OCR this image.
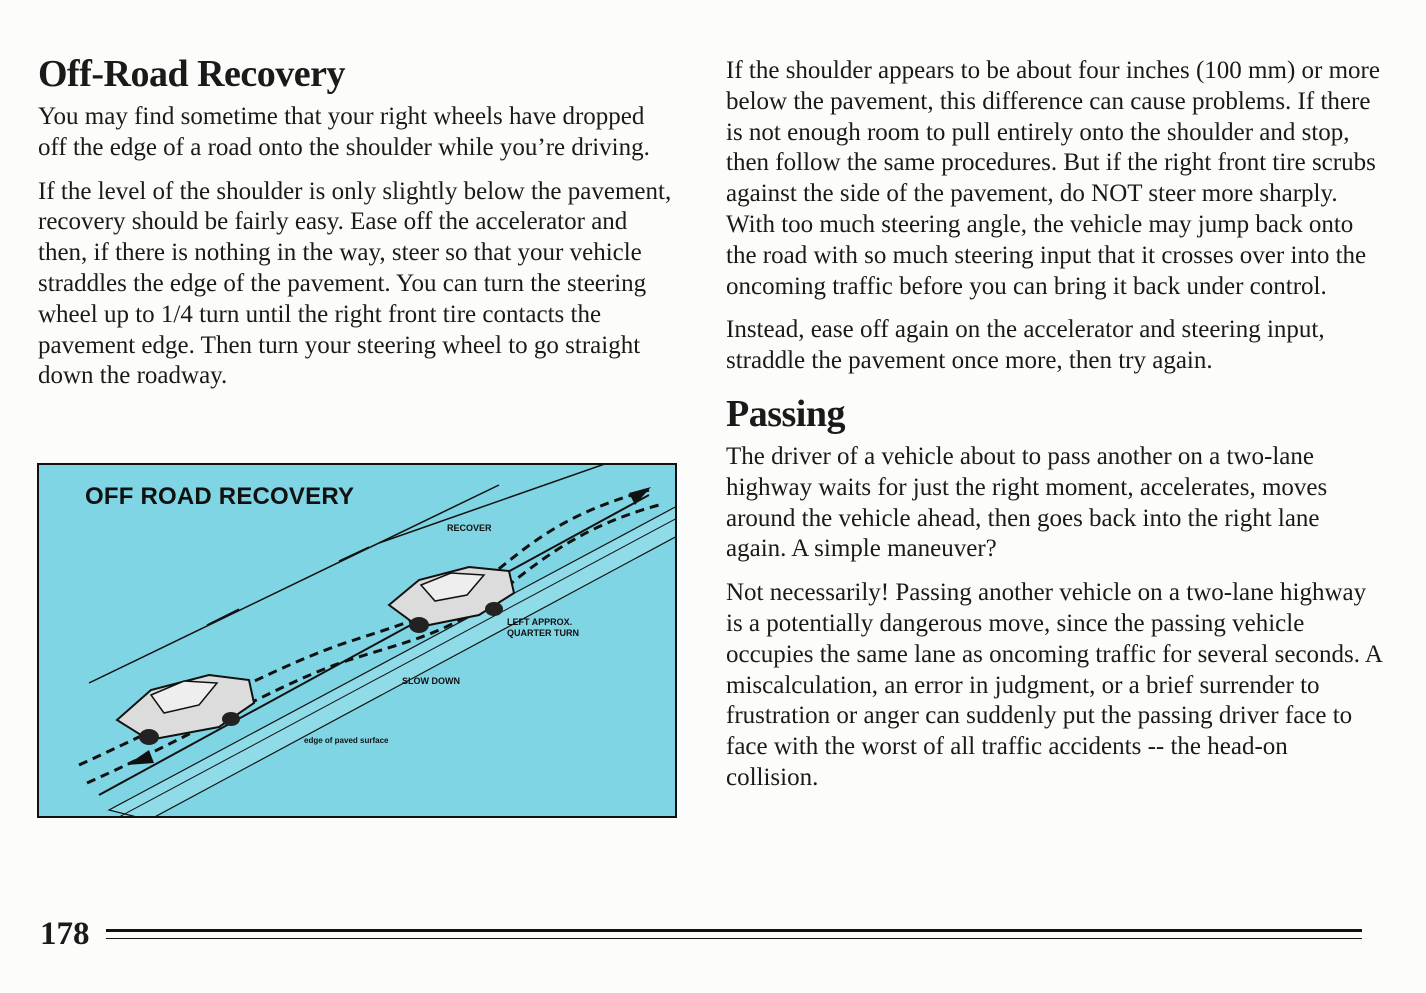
Off-Road Recovery

You may find sometime that your right wheels have dropped off the edge of a road onto the shoulder while you’re driving.

If the level of the shoulder is only slightly below the pavement, recovery should be fairly easy. Ease off the accelerator and then, if there is nothing in the way, steer so that your vehicle straddles the edge of the pavement. You can turn the steering wheel up to 1/4 turn until the right front tire contacts the pavement edge. Then turn your steering wheel to go straight down the roadway.

OFF ROAD RECOVERY
RECOVER
LEFT APPROX.
QUARTER TURN
SLOW DOWN
edge of paved surface

If the shoulder appears to be about four inches (100 mm) or more below the pavement, this difference can cause problems. If there is not enough room to pull entirely onto the shoulder and stop, then follow the same procedures. But if the right front tire scrubs against the side of the pavement, do NOT steer more sharply. With too much steering angle, the vehicle may jump back onto the road with so much steering input that it crosses over into the oncoming traffic before you can bring it back under control.

Instead, ease off again on the accelerator and steering input, straddle the pavement once more, then try again.

Passing

The driver of a vehicle about to pass another on a two-lane highway waits for just the right moment, accelerates, moves around the vehicle ahead, then goes back into the right lane again. A simple maneuver?

Not necessarily! Passing another vehicle on a two-lane highway is a potentially dangerous move, since the passing vehicle occupies the same lane as oncoming traffic for several seconds. A miscalculation, an error in judgment, or a brief surrender to frustration or anger can suddenly put the passing driver face to face with the worst of all traffic accidents -- the head-on collision.

178
